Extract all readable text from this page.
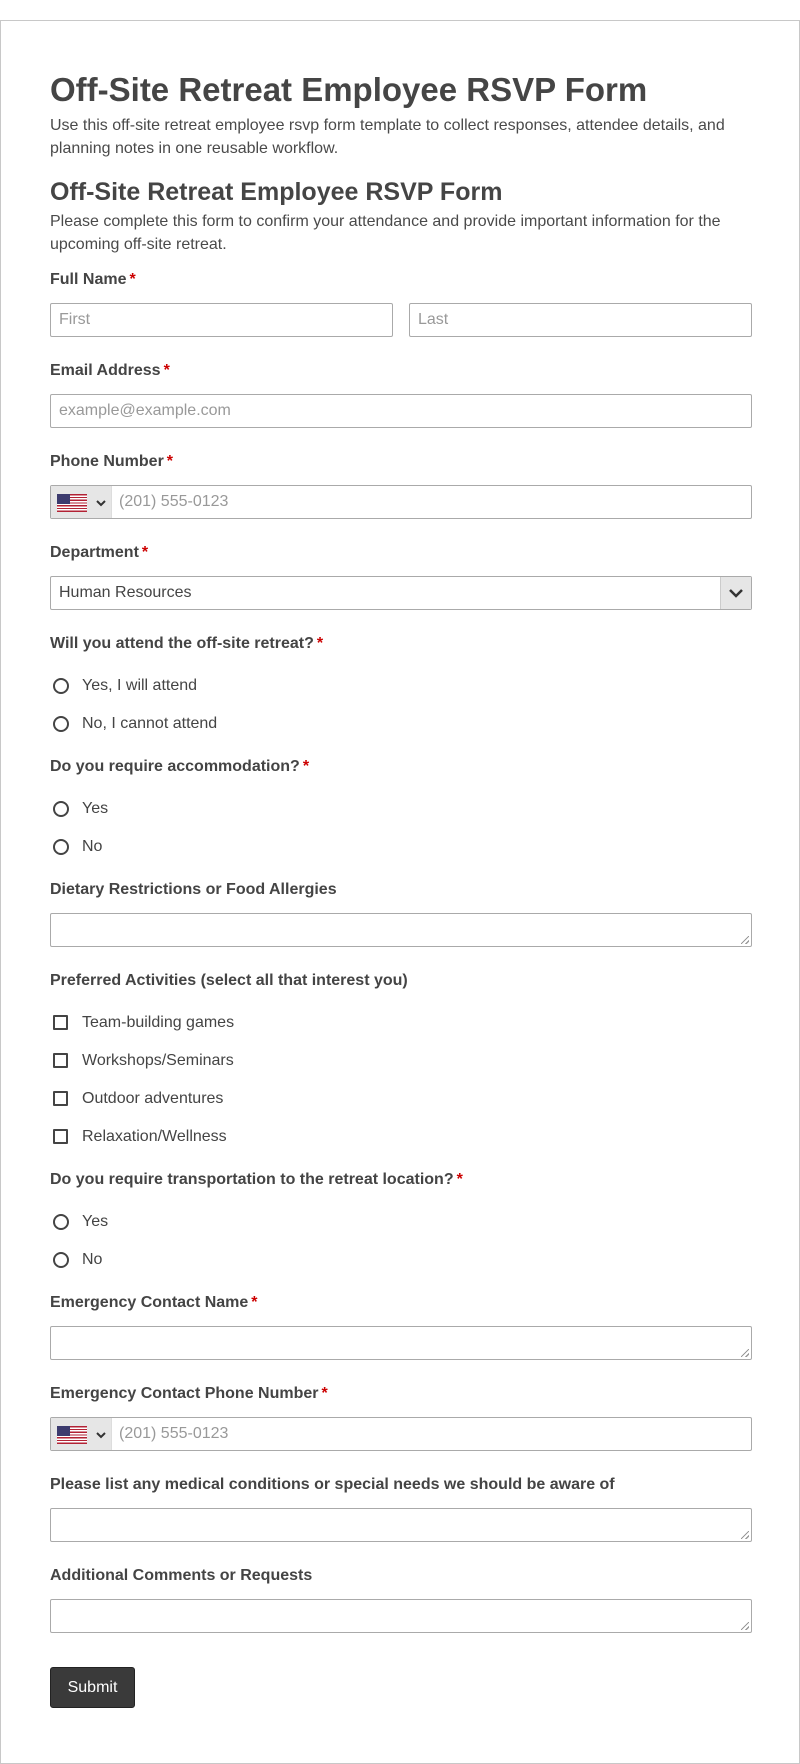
Off-Site Retreat Employee RSVP Form

Use this off-site retreat employee rsvp form template to collect responses, attendee details, and planning notes in one reusable workflow.

Off-Site Retreat Employee RSVP Form

Please complete this form to confirm your attendance and provide important information for the upcoming off-site retreat.

Full Name *
First	Last
Email Address *
example@example.com
Phone Number *
(201) 555-0123
Department *
Human Resources
Will you attend the off-site retreat? *
Yes, I will attend
No, I cannot attend
Do you require accommodation? *
Yes
No
Dietary Restrictions or Food Allergies
Preferred Activities (select all that interest you)
Team-building games
Workshops/Seminars
Outdoor adventures
Relaxation/Wellness
Do you require transportation to the retreat location? *
Yes
No
Emergency Contact Name *
Emergency Contact Phone Number *
(201) 555-0123
Please list any medical conditions or special needs we should be aware of
Additional Comments or Requests
Submit
